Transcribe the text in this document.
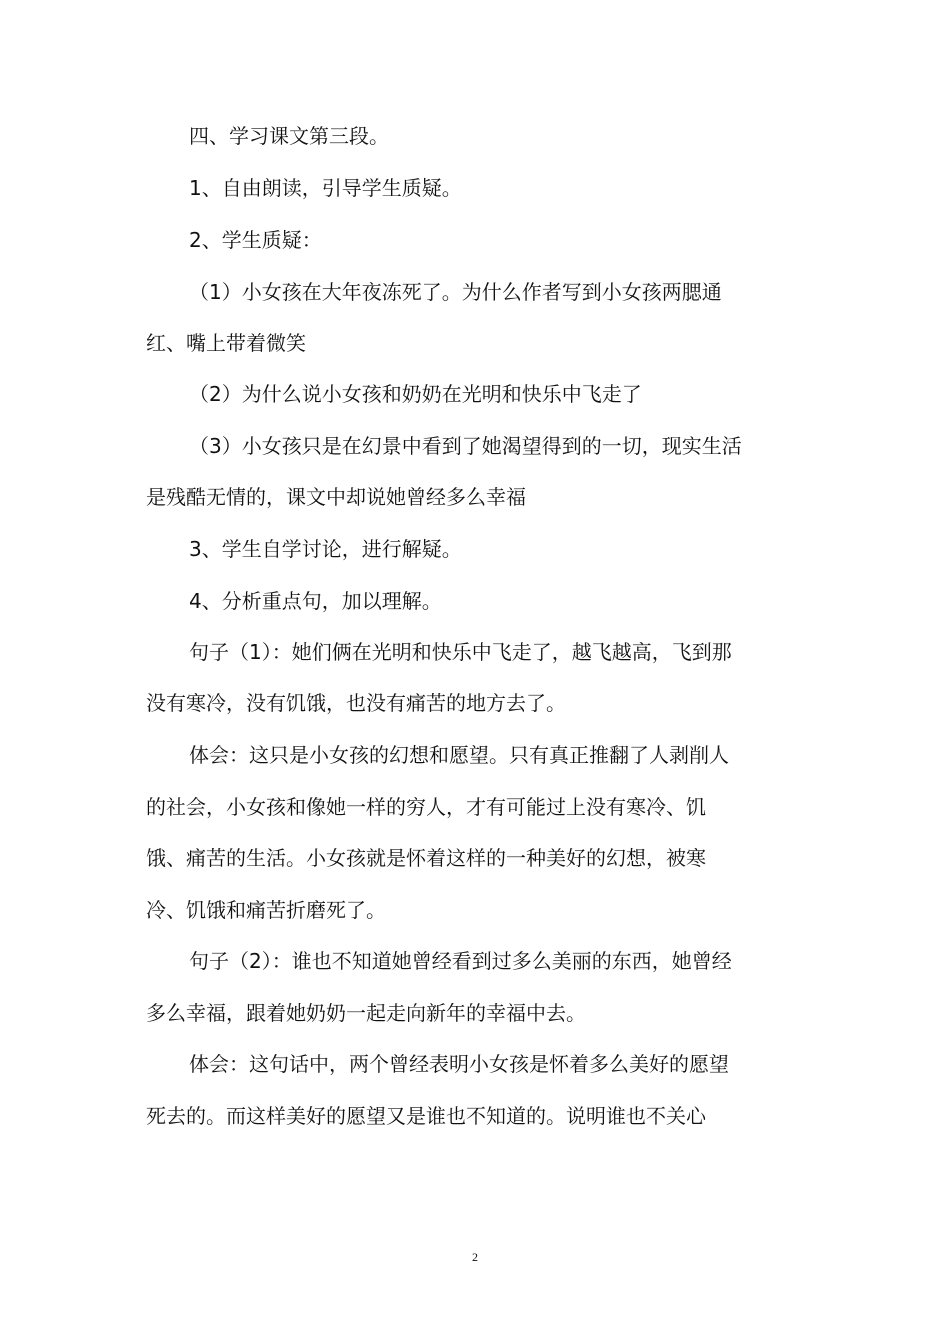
四、学习课文第三段。
1、自由朗读，引导学生质疑。
2、学生质疑：
（1）小女孩在大年夜冻死了。为什么作者写到小女孩两腮通
红、嘴上带着微笑
（2）为什么说小女孩和奶奶在光明和快乐中飞走了
（3）小女孩只是在幻景中看到了她渴望得到的一切，现实生活
是残酷无情的，课文中却说她曾经多么幸福
3、学生自学讨论，进行解疑。
4、分析重点句，加以理解。
句子（1）：她们俩在光明和快乐中飞走了，越飞越高，飞到那
没有寒冷，没有饥饿，也没有痛苦的地方去了。
体会：这只是小女孩的幻想和愿望。只有真正推翻了人剥削人
的社会，小女孩和像她一样的穷人，才有可能过上没有寒冷、饥
饿、痛苦的生活。小女孩就是怀着这样的一种美好的幻想，被寒
冷、饥饿和痛苦折磨死了。
句子（2）：谁也不知道她曾经看到过多么美丽的东西，她曾经
多么幸福，跟着她奶奶一起走向新年的幸福中去。
体会：这句话中，两个曾经表明小女孩是怀着多么美好的愿望
死去的。而这样美好的愿望又是谁也不知道的。说明谁也不关心
2
